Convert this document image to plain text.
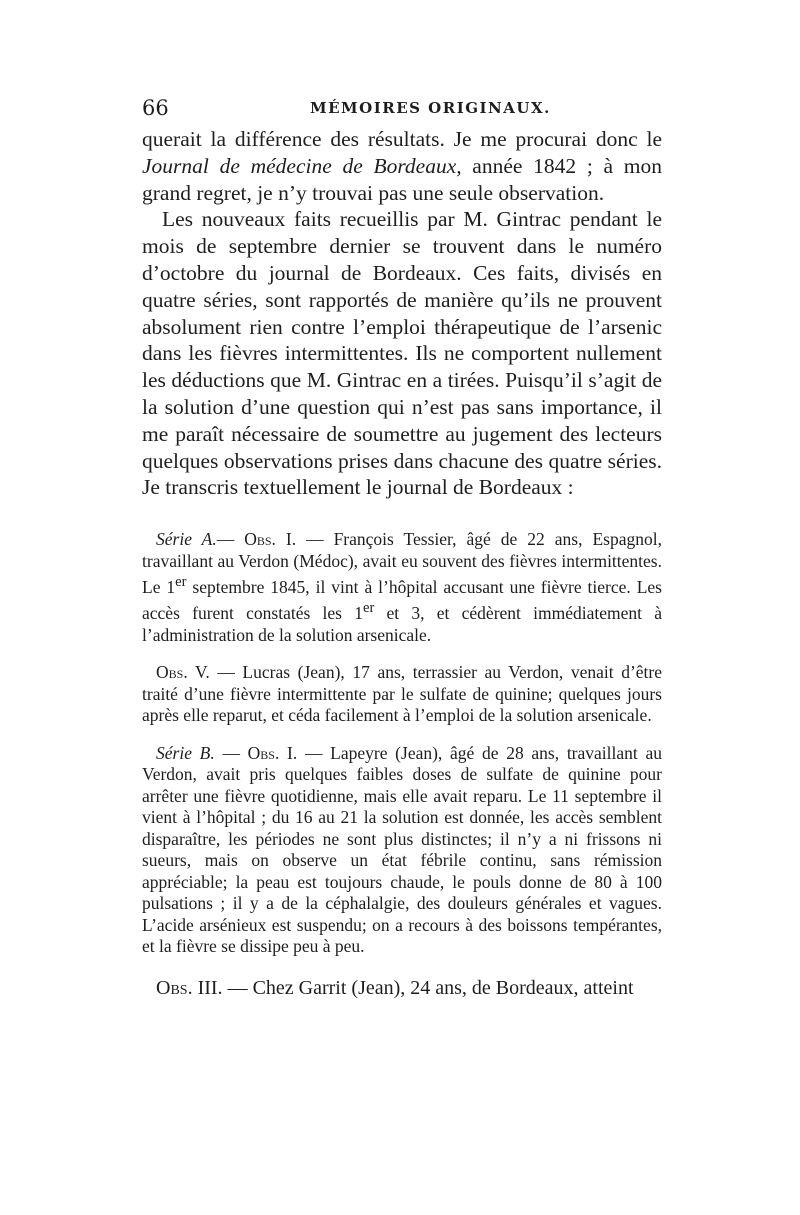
66	MÉMOIRES ORIGINAUX.

querait la différence des résultats. Je me procurai donc le Journal de médecine de Bordeaux, année 1842 ; à mon grand regret, je n’y trouvai pas une seule observation.

Les nouveaux faits recueillis par M. Gintrac pendant le mois de septembre dernier se trouvent dans le numéro d’octobre du journal de Bordeaux. Ces faits, divisés en quatre séries, sont rapportés de manière qu’ils ne prouvent absolument rien contre l’emploi thérapeutique de l’arsenic dans les fièvres intermittentes. Ils ne comportent nullement les déductions que M. Gintrac en a tirées. Puisqu’il s’agit de la solution d’une question qui n’est pas sans importance, il me paraît nécessaire de soumettre au jugement des lecteurs quelques observations prises dans chacune des quatre séries. Je transcris textuellement le journal de Bordeaux :

Série A.— Obs. I. — François Tessier, âgé de 22 ans, Espagnol, travaillant au Verdon (Médoc), avait eu souvent des fièvres intermittentes. Le 1er septembre 1845, il vint à l’hôpital accusant une fièvre tierce. Les accès furent constatés les 1er et 3, et cédèrent immédiatement à l’administration de la solution arsenicale.

Obs. V. — Lucras (Jean), 17 ans, terrassier au Verdon, venait d’être traité d’une fièvre intermittente par le sulfate de quinine; quelques jours après elle reparut, et céda facilement à l’emploi de la solution arsenicale.

Série B. — Obs. I. — Lapeyre (Jean), âgé de 28 ans, travaillant au Verdon, avait pris quelques faibles doses de sulfate de quinine pour arrêter une fièvre quotidienne, mais elle avait reparu. Le 11 septembre il vient à l’hôpital ; du 16 au 21 la solution est donnée, les accès semblent disparaître, les périodes ne sont plus distinctes; il n’y a ni frissons ni sueurs, mais on observe un état fébrile continu, sans rémission appréciable; la peau est toujours chaude, le pouls donne de 80 à 100 pulsations ; il y a de la céphalalgie, des douleurs générales et vagues. L’acide arsénieux est suspendu; on a recours à des boissons tempérantes, et la fièvre se dissipe peu à peu.

Obs. III. — Chez Garrit (Jean), 24 ans, de Bordeaux, atteint
